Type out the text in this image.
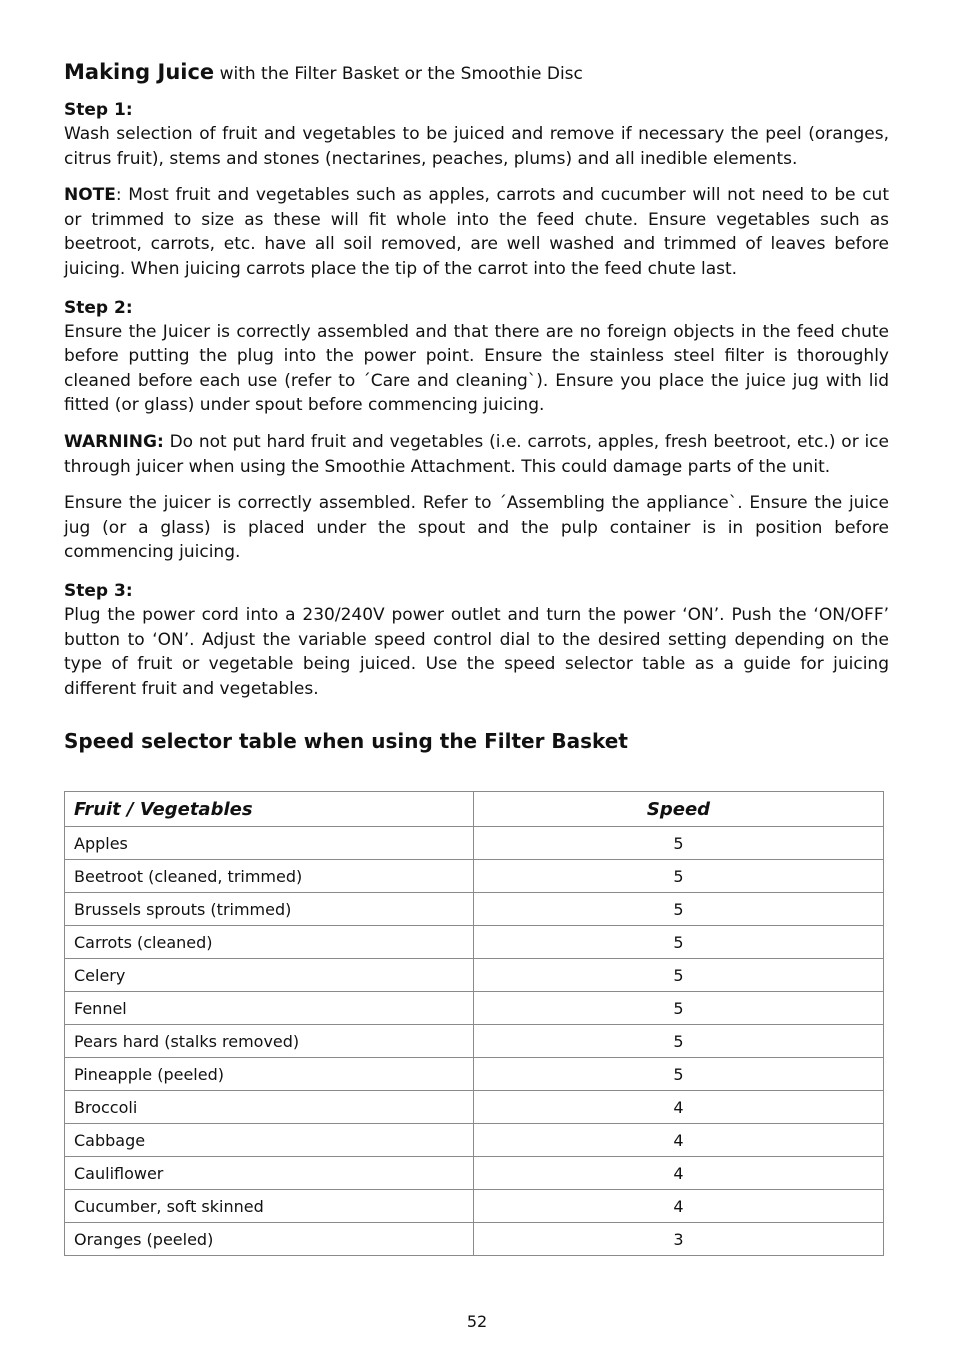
Making Juice with the Filter Basket or the Smoothie Disc
Step 1:

Wash selection of fruit and vegetables to be juiced and remove if necessary the peel (oranges, citrus fruit), stems and stones (nectarines, peaches, plums) and all inedible elements.

NOTE: Most fruit and vegetables such as apples, carrots and cucumber will not need to be cut or trimmed to size as these will fit whole into the feed chute. Ensure vegetables such as beetroot, carrots, etc. have all soil removed, are well washed and trimmed of leaves before juicing. When juicing carrots place the tip of the carrot into the feed chute last.

Step 2:

Ensure the Juicer is correctly assembled and that there are no foreign objects in the feed chute before putting the plug into the power point. Ensure the stainless steel filter is thoroughly cleaned before each use (refer to ´Care and cleaning`). Ensure you place the juice jug with lid fitted (or glass) under spout before commencing juicing.

WARNING: Do not put hard fruit and vegetables (i.e. carrots, apples, fresh beetroot, etc.) or ice through juicer when using the Smoothie Attachment. This could damage parts of the unit.

Ensure the juicer is correctly assembled. Refer to ´Assembling the appliance`. Ensure the juice jug (or a glass) is placed under the spout and the pulp container is in position before commencing juicing.

Step 3:

Plug the power cord into a 230/240V power outlet and turn the power ‘ON’. Push the ‘ON/OFF’ button to ‘ON’. Adjust the variable speed control dial to the desired setting depending on the type of fruit or vegetable being juiced. Use the speed selector table as a guide for juicing different fruit and vegetables.

Speed selector table when using the Filter Basket
Fruit / Vegetables	Speed
Apples	5
Beetroot (cleaned, trimmed)	5
Brussels sprouts (trimmed)	5
Carrots (cleaned)	5
Celery	5
Fennel	5
Pears hard (stalks removed)	5
Pineapple (peeled)	5
Broccoli	4
Cabbage	4
Cauliflower	4
Cucumber, soft skinned	4
Oranges (peeled)	3
52
